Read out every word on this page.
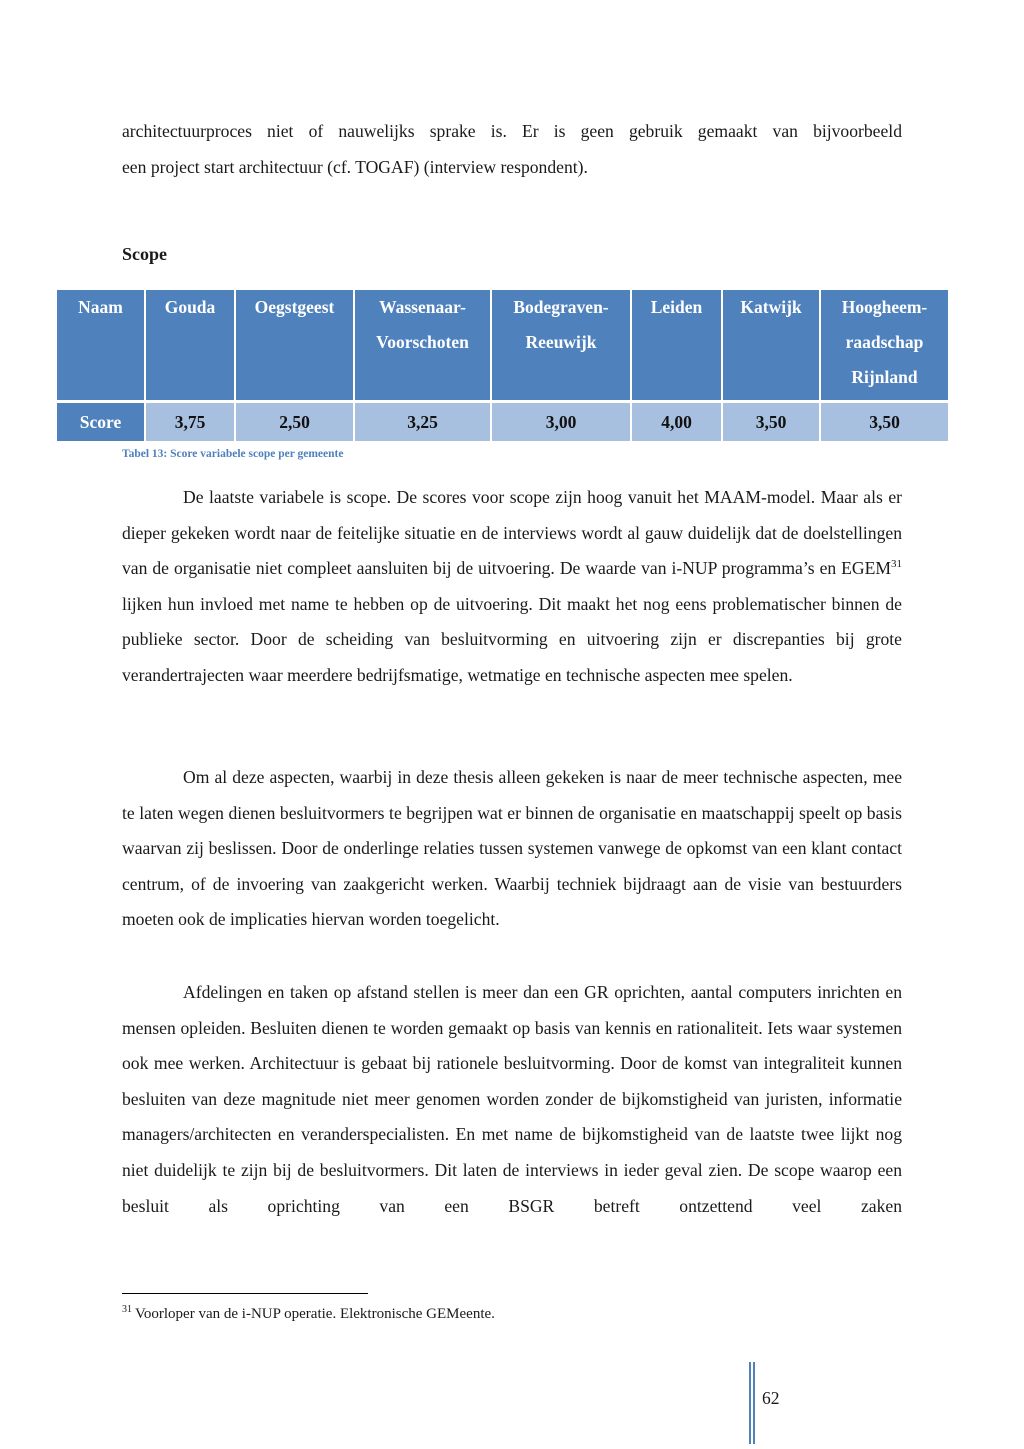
architectuurproces niet of nauwelijks sprake is. Er is geen gebruik gemaakt van bijvoorbeeld

een project start architectuur (cf. TOGAF) (interview respondent).

Scope

Naam	Gouda	Oegstgeest	Wassenaar-Voorschoten	Bodegraven-Reeuwijk	Leiden	Katwijk	Hoogheem-raadschap Rijnland

Score	3,75	2,50	3,25	3,00	4,00	3,50	3,50

Tabel 13: Score variabele scope per gemeente

De laatste variabele is scope. De scores voor scope zijn hoog vanuit het MAAM-model. Maar als er dieper gekeken wordt naar de feitelijke situatie en de interviews wordt al gauw duidelijk dat de doelstellingen van de organisatie niet compleet aansluiten bij de uitvoering. De waarde van i-NUP programma’s en EGEM$^{31}$ lijken hun invloed met name te hebben op de uitvoering. Dit maakt het nog eens problematischer binnen de publieke sector. Door de scheiding van besluitvorming en uitvoering zijn er discrepanties bij grote verandertrajecten waar meerdere bedrijfsmatige, wetmatige en technische aspecten mee spelen.

Om al deze aspecten, waarbij in deze thesis alleen gekeken is naar de meer technische aspecten, mee te laten wegen dienen besluitvormers te begrijpen wat er binnen de organisatie en maatschappij speelt op basis waarvan zij beslissen. Door de onderlinge relaties tussen systemen vanwege de opkomst van een klant contact centrum, of de invoering van zaakgericht werken. Waarbij techniek bijdraagt aan de visie van bestuurders moeten ook de implicaties hiervan worden toegelicht.

Afdelingen en taken op afstand stellen is meer dan een GR oprichten, aantal computers inrichten en mensen opleiden. Besluiten dienen te worden gemaakt op basis van kennis en rationaliteit. Iets waar systemen ook mee werken. Architectuur is gebaat bij rationele besluitvorming. Door de komst van integraliteit kunnen besluiten van deze magnitude niet meer genomen worden zonder de bijkomstigheid van juristen, informatie managers/architecten en veranderspecialisten. En met name de bijkomstigheid van de laatste twee lijkt nog niet duidelijk te zijn bij de besluitvormers. Dit laten de interviews in ieder geval zien. De scope waarop een besluit als oprichting van een BSGR betreft ontzettend veel zaken

$^{31}$ Voorloper van de i-NUP operatie. Elektronische GEMeente.

62
